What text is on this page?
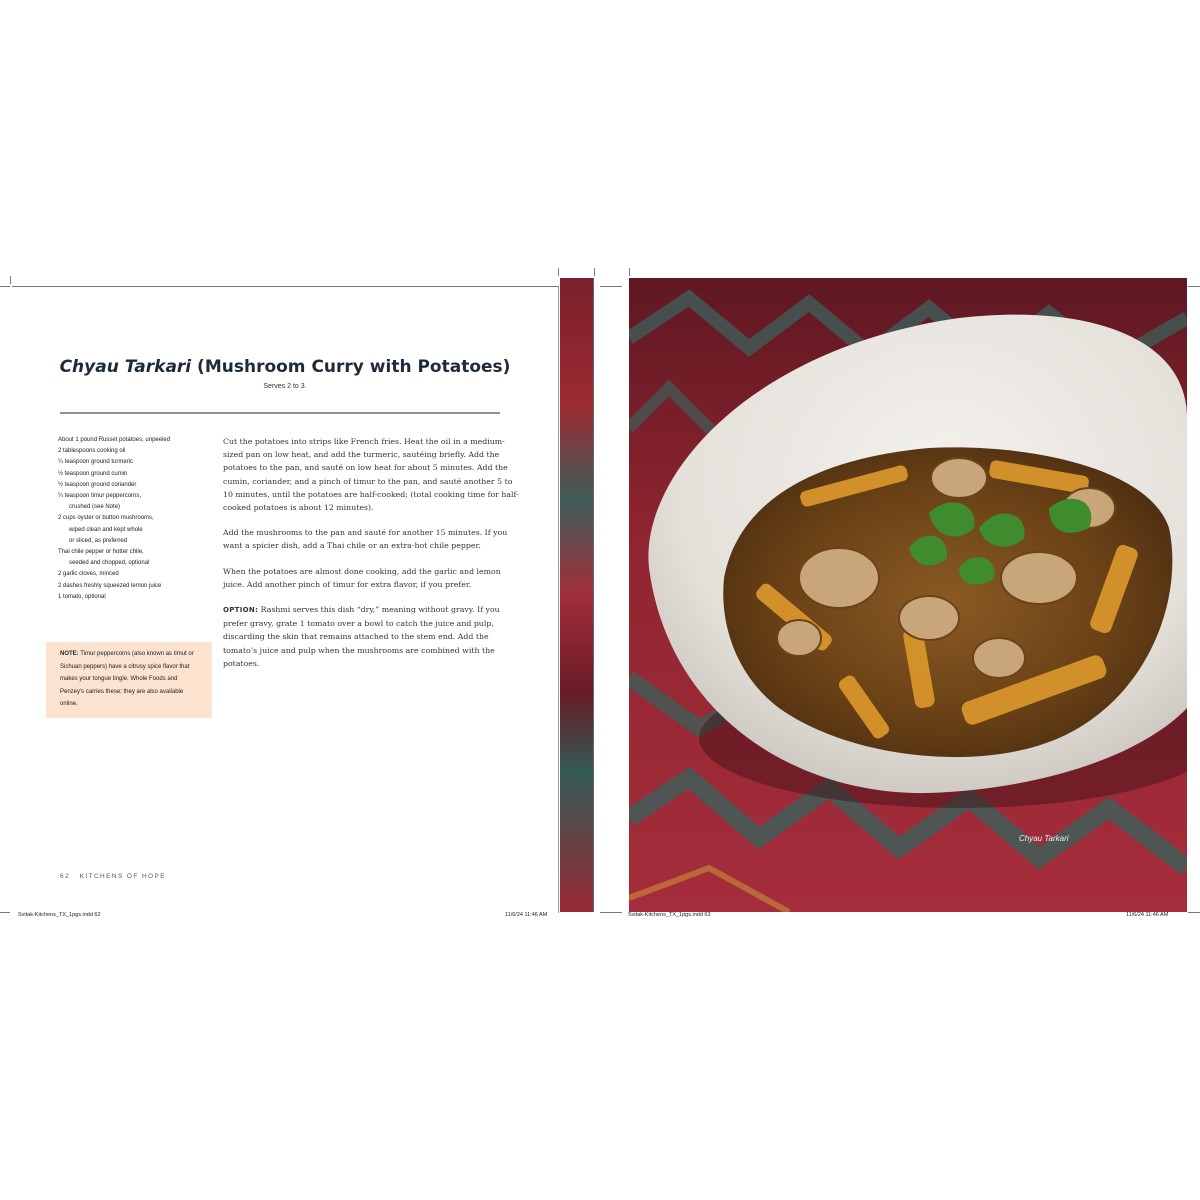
Chyau Tarkari (Mushroom Curry with Potatoes)
Serves 2 to 3.
About 1 pound Russet potatoes, unpeeled
2 tablespoons cooking oil
¼ teaspoon ground turmeric
½ teaspoon ground cumin
½ teaspoon ground coriander
¼ teaspoon timur peppercorns,
crushed (see Note)
2 cups oyster or button mushrooms,
wiped clean and kept whole
or sliced, as preferred
Thai chile pepper or hotter chile,
seeded and chopped, optional
2 garlic cloves, minced
2 dashes freshly squeezed lemon juice
1 tomato, optional
NOTE: Timur peppercorns (also known as timut or Sichuan peppers) have a citrusy spice flavor that makes your tongue tingle. Whole Foods and Penzey's carries these; they are also available online.

Cut the potatoes into strips like French fries. Heat the oil in a medium-sized pan on low heat, and add the turmeric, sautéing briefly. Add the potatoes to the pan, and sauté on low heat for about 5 minutes. Add the cumin, coriander, and a pinch of timur to the pan, and sauté another 5 to 10 minutes, until the potatoes are half-cooked; (total cooking time for half-cooked potatoes is about 12 minutes).

Add the mushrooms to the pan and sauté for another 15 minutes. If you want a spicier dish, add a Thai chile or an extra-hot chile pepper.

When the potatoes are almost done cooking, add the garlic and lemon juice. Add another pinch of timur for extra flavor, if you prefer.

OPTION: Rashmi serves this dish “dry,” meaning without gravy. If you prefer gravy, grate 1 tomato over a bowl to catch the juice and pulp, discarding the skin that remains attached to the stem end. Add the tomato’s juice and pulp when the mushrooms are combined with the potatoes.

62 KITCHENS OF HOPE
Svitak-Kitchens_TX_1pgs.indd 62	11/6/24 11:46 AM	Svitak-Kitchens_TX_1pgs.indd 63	11/6/24 11:46 AM
Chyau Tarkari
